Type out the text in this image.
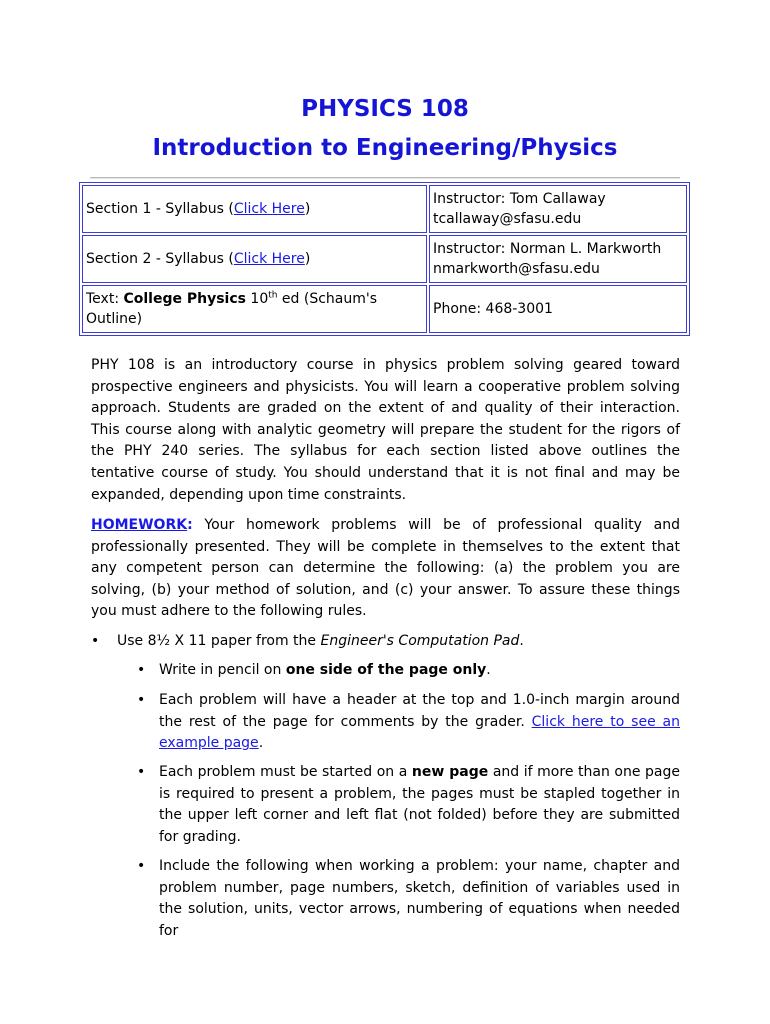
PHYSICS 108
Introduction to Engineering/Physics
Section 1 - Syllabus (Click Here)	Instructor: Tom Callaway
tcallaway@sfasu.edu
Section 2 - Syllabus (Click Here)	Instructor: Norman L. Markworth
nmarkworth@sfasu.edu
Text: College Physics 10th ed (Schaum's Outline)	Phone: 468-3001

PHY 108 is an introductory course in physics problem solving geared toward prospective engineers and physicists. You will learn a cooperative problem solving approach. Students are graded on the extent of and quality of their interaction. This course along with analytic geometry will prepare the student for the rigors of the PHY 240 series. The syllabus for each section listed above outlines the tentative course of study. You should understand that it is not final and may be expanded, depending upon time constraints.

HOMEWORK: Your homework problems will be of professional quality and professionally presented. They will be complete in themselves to the extent that any competent person can determine the following: (a) the problem you are solving, (b) your method of solution, and (c) your answer. To assure these things you must adhere to the following rules.

• Use 8½ X 11 paper from the Engineer's Computation Pad.

• Write in pencil on one side of the page only.

• Each problem will have a header at the top and 1.0-inch margin around the rest of the page for comments by the grader. Click here to see an example page.

• Each problem must be started on a new page and if more than one page is required to present a problem, the pages must be stapled together in the upper left corner and left flat (not folded) before they are submitted for grading.

• Include the following when working a problem: your name, chapter and problem number, page numbers, sketch, definition of variables used in the solution, units, vector arrows, numbering of equations when needed for
